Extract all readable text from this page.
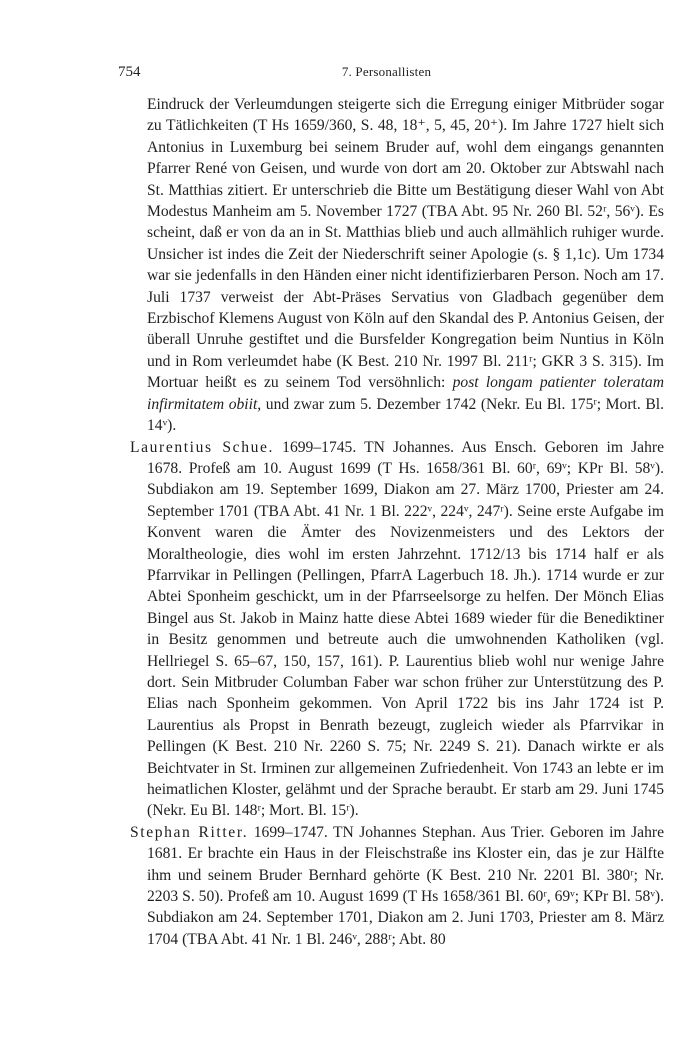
754	7. Personallisten

Eindruck der Verleumdungen steigerte sich die Erregung einiger Mitbrüder sogar zu Tätlichkeiten (T Hs 1659/360, S. 48, 18⁺, 5, 45, 20⁺). Im Jahre 1727 hielt sich Antonius in Luxemburg bei seinem Bruder auf, wohl dem eingangs genannten Pfarrer René von Geisen, und wurde von dort am 20. Oktober zur Abtswahl nach St. Matthias zitiert. Er unterschrieb die Bitte um Bestätigung dieser Wahl von Abt Modestus Manheim am 5. November 1727 (TBA Abt. 95 Nr. 260 Bl. 52ʳ, 56ᵛ). Es scheint, daß er von da an in St. Matthias blieb und auch allmählich ruhiger wurde. Unsicher ist indes die Zeit der Niederschrift seiner Apologie (s. § 1,1c). Um 1734 war sie jedenfalls in den Händen einer nicht identifizierbaren Person. Noch am 17. Juli 1737 verweist der Abt-Präses Servatius von Gladbach gegenüber dem Erzbischof Klemens August von Köln auf den Skandal des P. Antonius Geisen, der überall Unruhe gestiftet und die Bursfelder Kongregation beim Nuntius in Köln und in Rom verleumdet habe (K Best. 210 Nr. 1997 Bl. 211ʳ; GKR 3 S. 315). Im Mortuar heißt es zu seinem Tod versöhnlich: post longam patienter toleratam infirmitatem obiit, und zwar zum 5. Dezember 1742 (Nekr. Eu Bl. 175ʳ; Mort. Bl. 14ᵛ).

Laurentius Schue. 1699–1745. TN Johannes. Aus Ensch. Geboren im Jahre 1678. Profeß am 10. August 1699 (T Hs. 1658/361 Bl. 60ʳ, 69ᵛ; KPr Bl. 58ᵛ). Subdiakon am 19. September 1699, Diakon am 27. März 1700, Priester am 24. September 1701 (TBA Abt. 41 Nr. 1 Bl. 222ᵛ, 224ᵛ, 247ʳ). Seine erste Aufgabe im Konvent waren die Ämter des Novizenmeisters und des Lektors der Moraltheologie, dies wohl im ersten Jahrzehnt. 1712/13 bis 1714 half er als Pfarrvikar in Pellingen (Pellingen, PfarrA Lagerbuch 18. Jh.). 1714 wurde er zur Abtei Sponheim geschickt, um in der Pfarrseelsorge zu helfen. Der Mönch Elias Bingel aus St. Jakob in Mainz hatte diese Abtei 1689 wieder für die Benediktiner in Besitz genommen und betreute auch die umwohnenden Katholiken (vgl. Hellriegel S. 65–67, 150, 157, 161). P. Laurentius blieb wohl nur wenige Jahre dort. Sein Mitbruder Columban Faber war schon früher zur Unterstützung des P. Elias nach Sponheim gekommen. Von April 1722 bis ins Jahr 1724 ist P. Laurentius als Propst in Benrath bezeugt, zugleich wieder als Pfarrvikar in Pellingen (K Best. 210 Nr. 2260 S. 75; Nr. 2249 S. 21). Danach wirkte er als Beichtvater in St. Irminen zur allgemeinen Zufriedenheit. Von 1743 an lebte er im heimatlichen Kloster, gelähmt und der Sprache beraubt. Er starb am 29. Juni 1745 (Nekr. Eu Bl. 148ʳ; Mort. Bl. 15ʳ).

Stephan Ritter. 1699–1747. TN Johannes Stephan. Aus Trier. Geboren im Jahre 1681. Er brachte ein Haus in der Fleischstraße ins Kloster ein, das je zur Hälfte ihm und seinem Bruder Bernhard gehörte (K Best. 210 Nr. 2201 Bl. 380ʳ; Nr. 2203 S. 50). Profeß am 10. August 1699 (T Hs 1658/361 Bl. 60ʳ, 69ᵛ; KPr Bl. 58ᵛ). Subdiakon am 24. September 1701, Diakon am 2. Juni 1703, Priester am 8. März 1704 (TBA Abt. 41 Nr. 1 Bl. 246ᵛ, 288ʳ; Abt. 80
